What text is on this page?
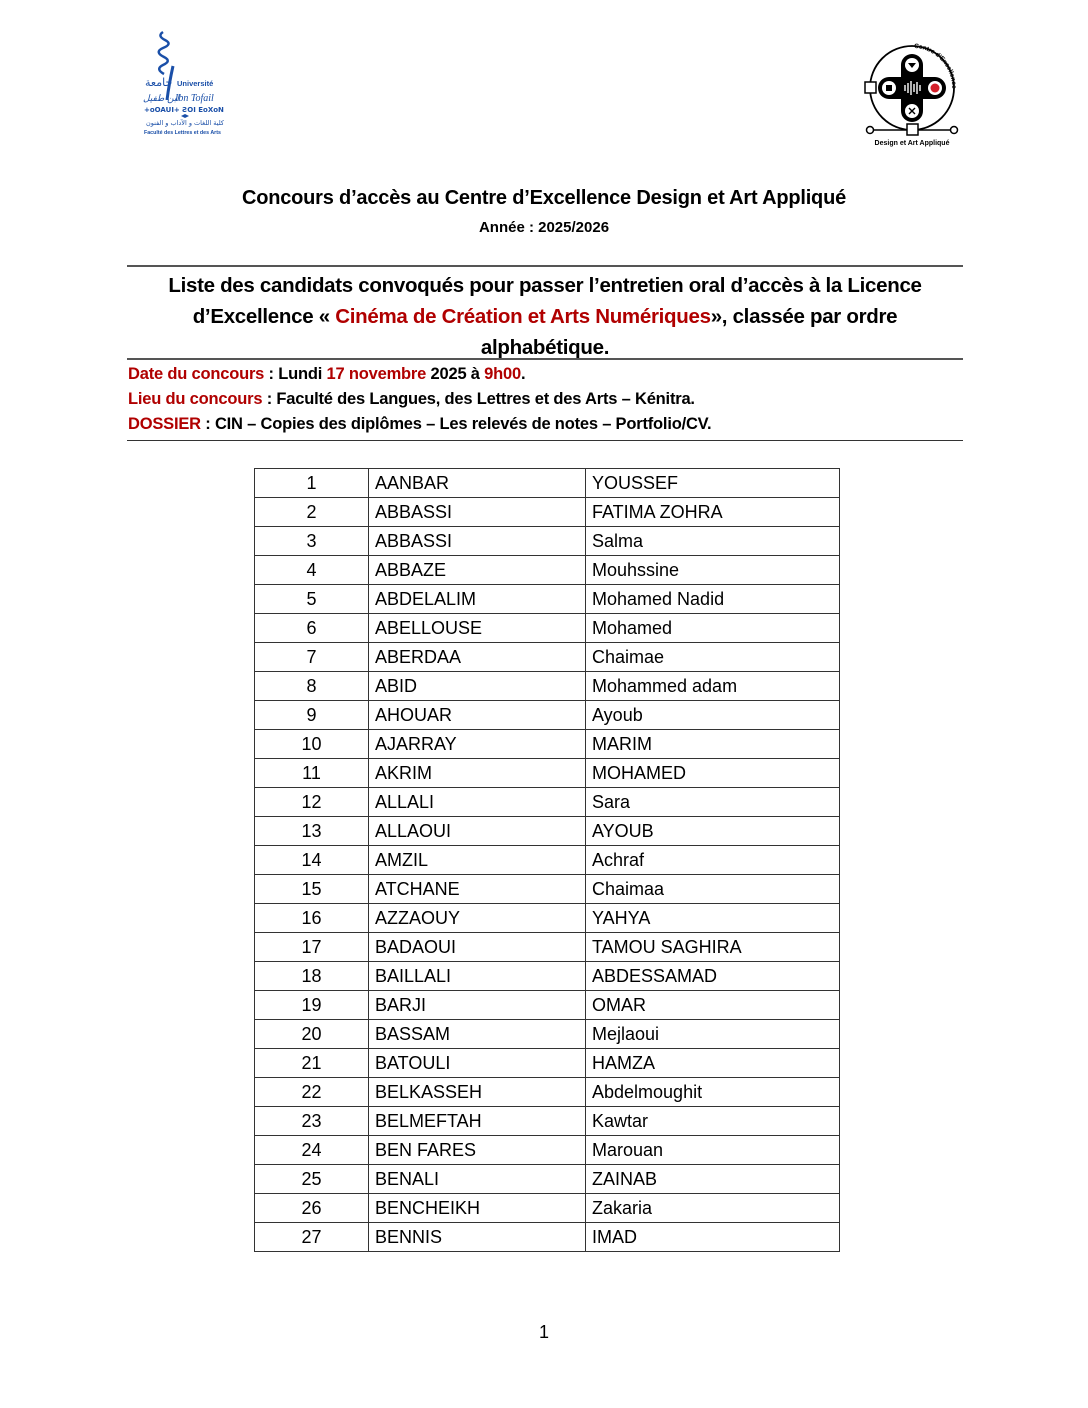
جامعة Université
ابن طفيل
Ibn Tofail
+oOAUI+ ꙄOI EoXoN
كلية اللغات و الآداب و الفنون
Faculté des Lettres et des Arts
Centre d'Excellence
Design et Art Appliqué
Concours d’accès au Centre d’Excellence Design et Art Appliqué
Année : 2025/2026
Liste des candidats convoqués pour passer l’entretien oral d’accès à la Licence d’Excellence « Cinéma de Création et Arts Numériques», classée par ordre alphabétique.
Date du concours : Lundi 17 novembre 2025 à 9h00.
Lieu du concours : Faculté des Langues, des Lettres et des Arts – Kénitra.
DOSSIER : CIN – Copies des diplômes – Les relevés de notes – Portfolio/CV.
1	AANBAR	YOUSSEF
2	ABBASSI	FATIMA ZOHRA
3	ABBASSI	Salma
4	ABBAZE	Mouhssine
5	ABDELALIM	Mohamed Nadid
6	ABELLOUSE	Mohamed
7	ABERDAA	Chaimae
8	ABID	Mohammed adam
9	AHOUAR	Ayoub
10	AJARRAY	MARIM
11	AKRIM	MOHAMED
12	ALLALI	Sara
13	ALLAOUI	AYOUB
14	AMZIL	Achraf
15	ATCHANE	Chaimaa
16	AZZAOUY	YAHYA
17	BADAOUI	TAMOU SAGHIRA
18	BAILLALI	ABDESSAMAD
19	BARJI	OMAR
20	BASSAM	Mejlaoui
21	BATOULI	HAMZA
22	BELKASSEH	Abdelmoughit
23	BELMEFTAH	Kawtar
24	BEN FARES	Marouan
25	BENALI	ZAINAB
26	BENCHEIKH	Zakaria
27	BENNIS	IMAD
1
